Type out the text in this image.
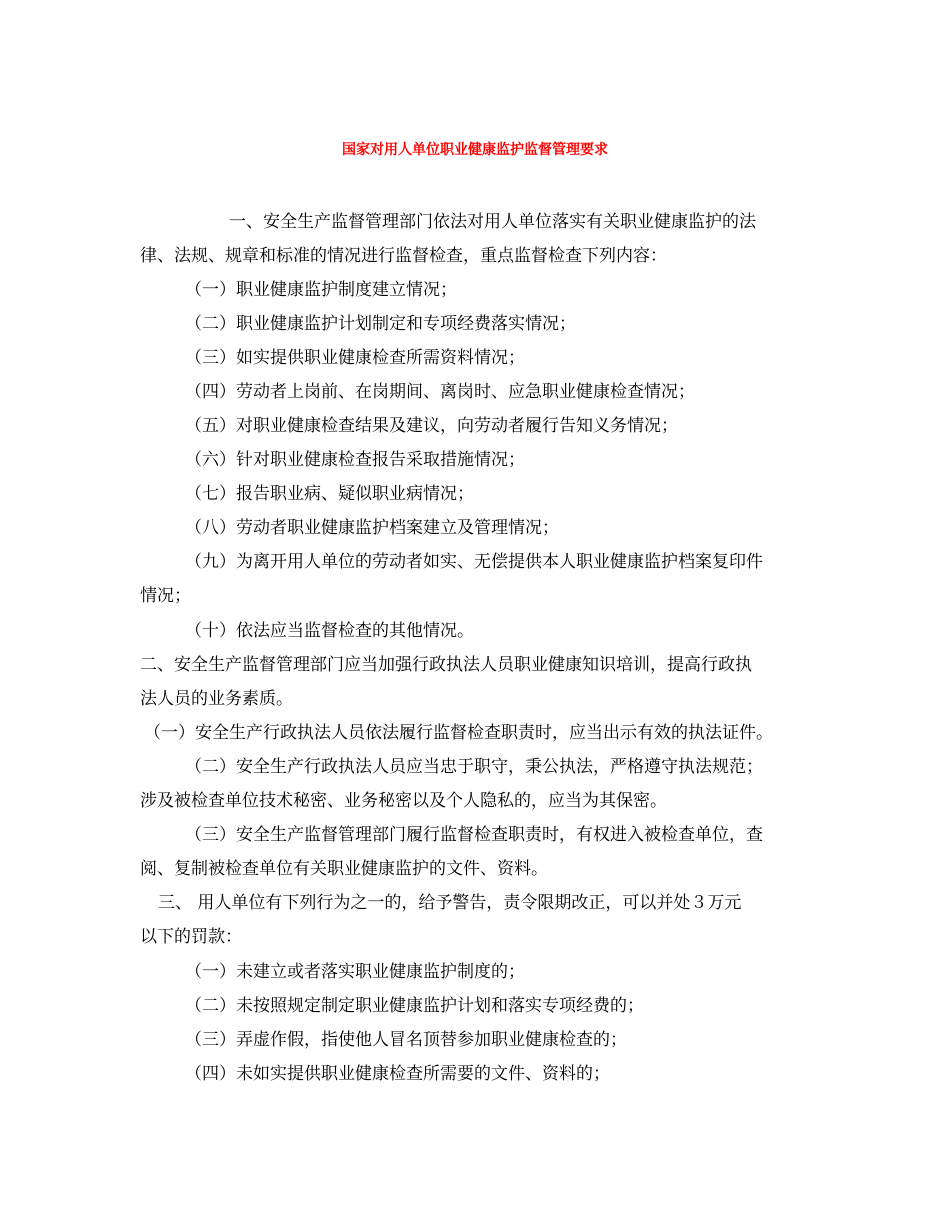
国家对用人单位职业健康监护监督管理要求
一、安全生产监督管理部门依法对用人单位落实有关职业健康监护的法
律、法规、规章和标准的情况进行监督检查，重点监督检查下列内容：
（一）职业健康监护制度建立情况；
（二）职业健康监护计划制定和专项经费落实情况；
（三）如实提供职业健康检查所需资料情况；
（四）劳动者上岗前、在岗期间、离岗时、应急职业健康检查情况；
（五）对职业健康检查结果及建议，向劳动者履行告知义务情况；
（六）针对职业健康检查报告采取措施情况；
（七）报告职业病、疑似职业病情况；
（八）劳动者职业健康监护档案建立及管理情况；
（九）为离开用人单位的劳动者如实、无偿提供本人职业健康监护档案复印件
情况；
（十）依法应当监督检查的其他情况。
二、安全生产监督管理部门应当加强行政执法人员职业健康知识培训，提高行政执
法人员的业务素质。
（一）安全生产行政执法人员依法履行监督检查职责时，应当出示有效的执法证件。
（二）安全生产行政执法人员应当忠于职守，秉公执法，严格遵守执法规范；
涉及被检查单位技术秘密、业务秘密以及个人隐私的，应当为其保密。
（三）安全生产监督管理部门履行监督检查职责时，有权进入被检查单位，查
阅、复制被检查单位有关职业健康监护的文件、资料。
三、 用人单位有下列行为之一的，给予警告，责令限期改正，可以并处３万元
以下的罚款：
（一）未建立或者落实职业健康监护制度的；
（二）未按照规定制定职业健康监护计划和落实专项经费的；
（三）弄虚作假，指使他人冒名顶替参加职业健康检查的；
（四）未如实提供职业健康检查所需要的文件、资料的；
